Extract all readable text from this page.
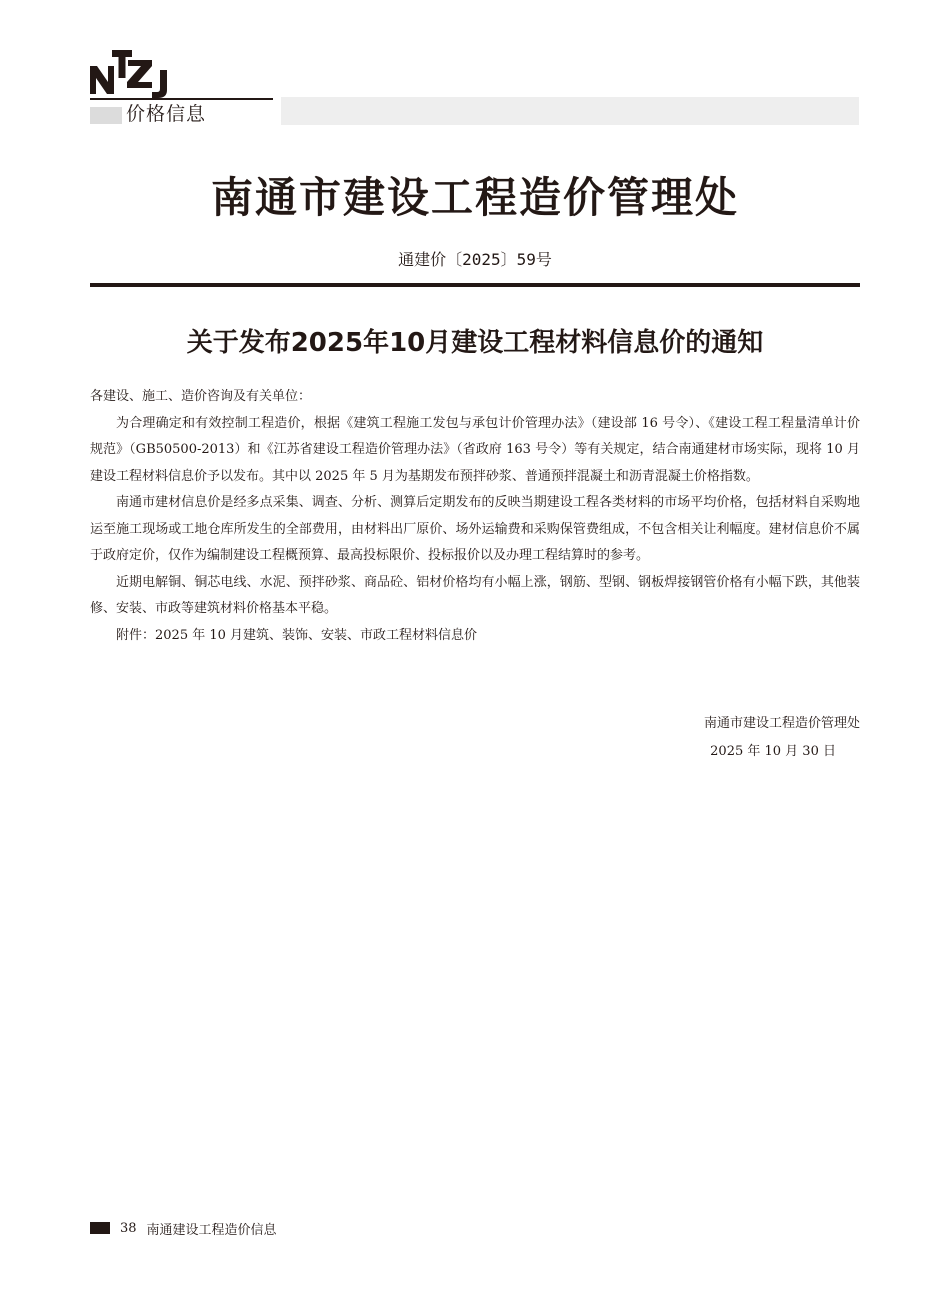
价格信息
南通市建设工程造价管理处
通建价〔2025〕59号
关于发布2025年10月建设工程材料信息价的通知

各建设、施工、造价咨询及有关单位：

为合理确定和有效控制工程造价，根据《建筑工程施工发包与承包计价管理办法》（建设部 16 号令）、《建设工程工程量清单计价规范》（GB50500-2013）和《江苏省建设工程造价管理办法》（省政府 163 号令）等有关规定，结合南通建材市场实际，现将 10 月建设工程材料信息价予以发布。其中以 2025 年 5 月为基期发布预拌砂浆、普通预拌混凝土和沥青混凝土价格指数。

南通市建材信息价是经多点采集、调查、分析、测算后定期发布的反映当期建设工程各类材料的市场平均价格，包括材料自采购地运至施工现场或工地仓库所发生的全部费用，由材料出厂原价、场外运输费和采购保管费组成，不包含相关让利幅度。建材信息价不属于政府定价，仅作为编制建设工程概预算、最高投标限价、投标报价以及办理工程结算时的参考。

近期电解铜、铜芯电线、水泥、预拌砂浆、商品砼、铝材价格均有小幅上涨，钢筋、型钢、钢板焊接钢管价格有小幅下跌，其他装修、安装、市政等建筑材料价格基本平稳。

附件：2025 年 10 月建筑、装饰、安装、市政工程材料信息价

南通市建设工程造价管理处
2025 年 10 月 30 日
38 南通建设工程造价信息
